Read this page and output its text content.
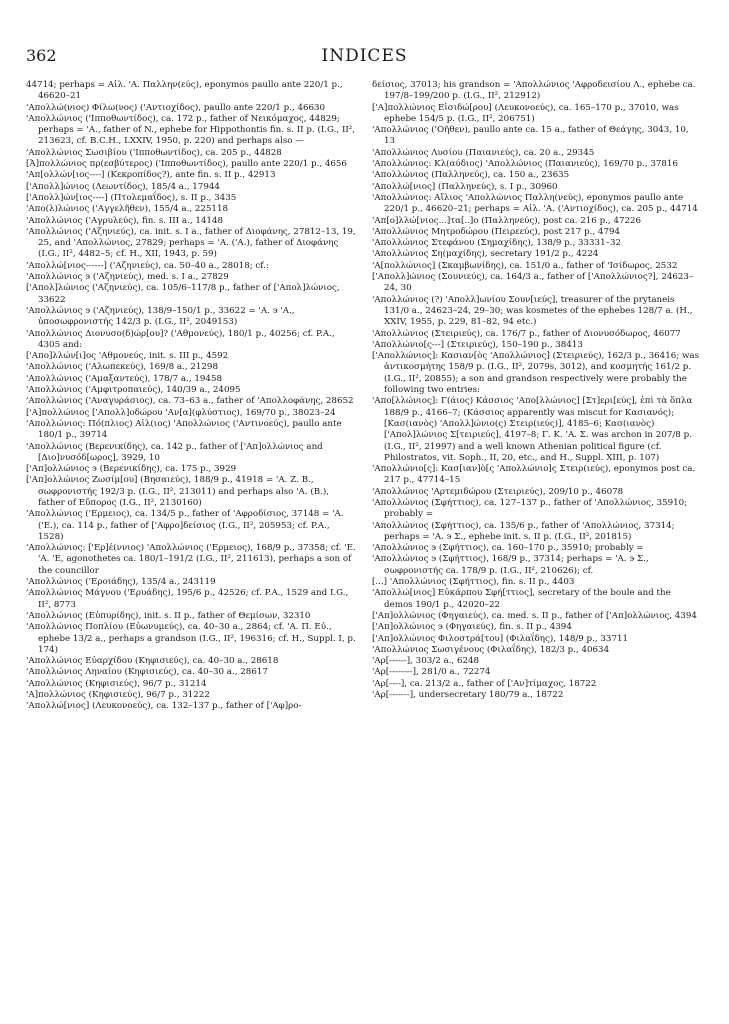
362	INDICES

44714; perhaps = Αἰλ. 'Α. Παλλην(εύς), eponymos paullo ante 220/1 p., 46620–21

'Απολλώ(νιος) Φίλω(νος) ('Αντιοχίδος), paullo ante 220/1 p., 46630

'Απολλώνιος ('Ιπποθωντίδος), ca. 172 p., father of Νεικόμαχος, 44829; perhaps = 'Α., father of N., ephebe for Hippothontis fin. s. II p. (I.G., II², 213623, cf. B.C.H., LXXIV, 1950, p. 220) and perhaps also —

'Απολλώνιος Σωσιβίου ('Ιπποθωντίδος), ca. 205 p., 44828

[Ἀ]πολλώνιος πρ(εσβύτερος) ('Ιπποθωντίδος), paullo ante 220/1 p., 4656

'Απ[ολλών[ιος----] (Κεκροπίδος?), ante fin. s. II p., 42913

['Απολλ]ώνιος (Λεωντίδος), 185/4 a., 17944

['Απολλ]ών[ιος----] (Πτολεμαΐδος), s. II p., 3435

'Απο(λ)λώνιος ('Αγγελῆθεν), 155/4 a., 225118

'Απολλώνιος ('Αγρυλεύς), fin. s. III a., 14148

'Απολλώνιος ('Αζηνιεύς), ca. init. s. I a., father of Διοφάνης, 27812–13, 19, 25, and 'Απολλώνιος, 27829; perhaps = 'Α. ('Α.), father of Διοφάνης (I.G., II², 4482–5; cf. H., XII, 1943, p. 59)

'Απολλώ[νιος------] ('Αζηνιεύς), ca. 50–40 a., 28018; cf.:

'Απολλώνιος ϶ ('Αζηνιεύς), med. s. I a., 27829

['Απολ]λώνιος ('Αζηνιεύς), ca. 105/6–117/8 p., father of ['Απολ]λώνιος, 33622

'Απολλώνιος ϶ ('Αζηνιεύς), 138/9–150/1 p., 33622 = 'Α. ϶ 'Α., ὑποσωφρονιστής 142/3 p. (I.G., II², 2049153)

'Απολλώνιος Διονυσο(δ)ώρ[ου]? ('Αθμονεύς), 180/1 p., 40256; cf. P.A., 4305 and:

['Απο]λλών[ι]ος 'Αθμονεύς, init. s. III p., 4592

'Απολλώνιος ('Αλωπεκεύς), 169/8 a., 21298

'Απολλώνιος ('Αμαξαντεύς), 178/7 a., 19458

'Απολλώνιος ('Αμφιτροπαιεύς), 140/39 a., 24095

'Απολλώνιος ('Αναγυράσιος), ca. 73–63 a., father of 'Απολλοφάνης, 28652

['Α]πολλώνιος ['Απολλ]οδώρου 'Αν[α](φλύστιος), 169/70 p., 38023–24

'Απολλώνιος: Πό(πλιος) Αἰλ(ιος) 'Απολλώνιος ('Αντινοεύς), paullo ante 180/1 p., 39714

'Απολλώνιος (Βερενικίδης), ca. 142 p., father of ['Απ]ολλώνιος and [Διο]νυσόδ[ωρος], 3929, 10

['Απ]ολλώνιος ϶ (Βερενικίδης), ca. 175 p., 3929

['Απ]ολλώνιος Ζωσίμ[ου] (Βησαιεύς), 188/9 p., 41918 = 'Α. Ζ. Β., σωφρονιστής 192/3 p. (I.G., II², 213011) and perhaps also 'Α. (Β.), father of Εὔπορος (I.G., II², 2130160)

'Απολλώνιος ('Ερμειος), ca. 134/5 p., father of 'Αφροδίσιος, 37148 = 'Α. ('Ε.), ca. 114 p., father of ['Αφρο]δείσιος (I.G., II², 205953; cf. P.A., 1528)

'Απολλώνιος: ['Ερ]έ(ννιος) 'Απολλώνιος ('Ερμειος), 168/9 p., 37358; cf. 'Ε. 'Α. 'Ε, agonothetes ca. 180/1–191/2 (I.G., II², 211613), perhaps a son of the councillor

'Απολλώνιος ('Εροιάδης), 135/4 a., 243119

'Απολλώνιος Μάγνου ('Ερυάδης), 195/6 p., 42526; cf. P.A., 1529 and I.G., II², 8773

'Απολλώνιος (Εὐπυρίδης), init. s. II p., father of Θεμίσων, 32310

'Απολλώνιος Ποπλίου (Εὐωνυμεύς), ca. 40–30 a., 2864; cf. 'Α. Π. Εὐ., ephebe 13/2 a., perhaps a grandson (I.G., II², 196316; cf. H., Suppl. I, p. 174)

'Απολλώνιος Εὐαρχίδου (Κηφισιεύς), ca. 40–30 a., 28618

'Απολλώνιος Ληναίου (Κηφισιεύς), ca. 40–30 a., 28617

'Απολλώνιος (Κηφισιεύς), 96/7 p., 31214

'Α]πολλώνιος (Κηφισιεύς), 96/7 p., 31222

'Απολλώ[νιος] (Λευκονοεύς), ca. 132–137 p., father of ['Αφ]ρο-

δείσιος, 37013; his grandson = 'Απολλώνιος 'Αφροδεισίου Λ., ephebe ca. 197/8–199/200 p. (I.G., II², 212912)

['Α]πολλώνιος Εἰσιδώ[ρου] (Λευκονοεύς), ca. 165–170 p., 37010, was ephebe 154/5 p. (I.G., II², 206751)

'Απολλώνιος ('Οῆθεν), paullo ante ca. 15 a., father of Θεάγης, 3043, 10, 13

'Απολλώνιος Λυσίου (Παιανιεύς), ca. 20 a., 29345

'Απολλώνιος: Κλ(αύδιος) 'Απολλώνιος (Παιανιεύς), 169/70 p., 37816

'Απολλώνιος (Παλληνεύς), ca. 150 a., 23635

'Απολλώ[νιος] (Παλληνεύς), s. I p., 30960

'Απολλώνιος: Αἴλιος 'Απολλώνιος Παλλη(νεύς), eponymos paullo ante 220/1 p., 46620–21; perhaps = Αἰλ. 'Α. ('Αντιοχίδος), ca. 205 p., 44714

'Απ[ο]λλώ[νιος...]τα[..]ο (Παλληνεύς), post ca. 216 p., 47226

'Απολλώνιος Μητροδώρου (Πειρεεύς), post 217 p., 4794

'Απολλώνιος Στεφάνου (Σημαχίδης), 138/9 p., 33331–32

'Απολλώνιος Ση(μαχίδης), secretary 191/2 p., 4224

'Α[πολλώνιος] (Σκαμβωνίδης), ca. 151/0 a., father of 'Ισίδωρος, 2532

['Απολλ]ώνιος (Σουνιεύς), ca. 164/3 a., father of ['Απολλώνιος?], 24623–24, 30

'Απολλώνιος (?) 'Απολλ]ωνίου Σουν[ιεύς], treasurer of the prytaneis 131/0 a., 24623–24, 29–30; was kosmetes of the ephebes 128/7 a. (H., XXIV, 1955, p. 229, 81–82, 94 etc.)

'Απολλώνιος (Στειριεύς), ca. 176/7 p., father of Διονυσόδωρος, 46077

'Απολλώνιο[ς---] (Στειριεύς), 150–190 p., 38413

['Απολλώνιος]: Κασιαν[ὸς 'Απολλώνιος] (Στειριεύς), 162/3 p., 36416; was ἀντικοσμήτης 158/9 p. (I.G., II², 2079s, 3012), and κοσμητής 161/2 p. (I.G., II², 20855); a son and grandson respectively were probably the following two entries:

'Απο[λλώνιος]: Γ(άιος) Κάσσιος 'Απο[λλώνιος] [Στ]ερι[εύς], ἐπὶ τὰ ὅπλα 188/9 p., 4166–7; (Κάσσιος apparently was miscut for Κασιανός); [Κασ(ιανὸς) 'Απολλ]ώνιο(ς) Στειρ(ιεύς)], 4185–6; Κασ(ιανὸς) ['Απολ]λώνιος Σ[τειριεύς], 4197–8; Γ. Κ. 'Α. Σ. was archon in 207/8 p. (I.G., II², 21997) and a well known Athenian political figure (cf. Philostratos, vit. Soph., II, 20, etc., and H., Suppl. XIII, p. 107)

'Απολλώνιο[ς]: Κασ[ιαν]ὸ[ς 'Απολλώνιο]ς Στειρ(ιεύς), eponymos post ca. 217 p., 47714–15

'Απολλώνιος 'Αρτεμιδώρου (Στειριεύς), 209/10 p., 46078

'Απολλώνιος (Σφήττιος), ca. 127–137 p., father of 'Απολλώνιος, 35910; probably =

'Απολλώνιος (Σφήττιος), ca. 135/6 p., father of 'Απολλώνιος, 37314; perhaps = 'Α. ϶ Σ., ephebe init. s. II p. (I.G., II², 201815)

'Απολλώνιος ϶ (Σφήττιος), ca. 160–170 p., 35910; probably =

'Απολλώνιος ϶ (Σφήττιος), 168/9 p., 37314; perhaps = 'Α. ϶ Σ., σωφρονιστής ca. 178/9 p. (I.G., II², 210626); cf.

[...] 'Απολλώνιος (Σφήττιος), fin. s. II p., 4403

'Απολλώ[νιος] Εὐκάρπου Σφή[ττιος], secretary of the boule and the demos 190/1 p., 42020–22

['Απ]ολλώνιος (Φηγαιεύς), ca. med. s. II p., father of ['Απ]ολλώνιος, 4394

['Απ]ολλώνιος ϶ (Φηγαιεύς), fin. s. II p., 4394

['Απ]ολλώνιος Φιλοστρά[του] (Φιλαΐδης), 148/9 p., 33711

'Απολλώνιος Σωσιγένους (Φιλαΐδης), 182/3 p., 40634

'Αρ[------], 303/2 a., 6248

'Αρ[--------], 281/0 a., 72274

'Αρ[----], ca. 213/2 a., father of ['Αν]τίμαχος, 18722

'Αρ[-------], undersecretary 180/79 a., 18722
